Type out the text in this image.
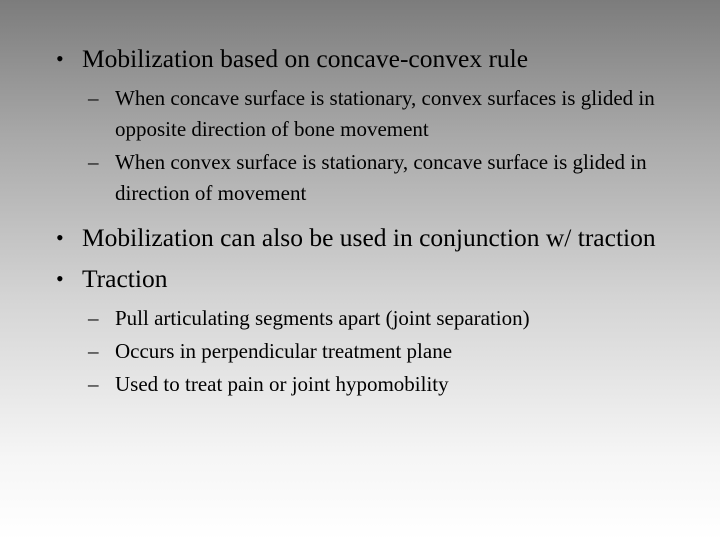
• Mobilization based on concave-convex rule
– When concave surface is stationary, convex surfaces is glided in opposite direction of bone movement
– When convex surface is stationary, concave surface is glided in direction of movement
• Mobilization can also be used in conjunction w/ traction
• Traction
– Pull articulating segments apart (joint separation)
– Occurs in perpendicular treatment plane
– Used to treat pain or joint hypomobility
